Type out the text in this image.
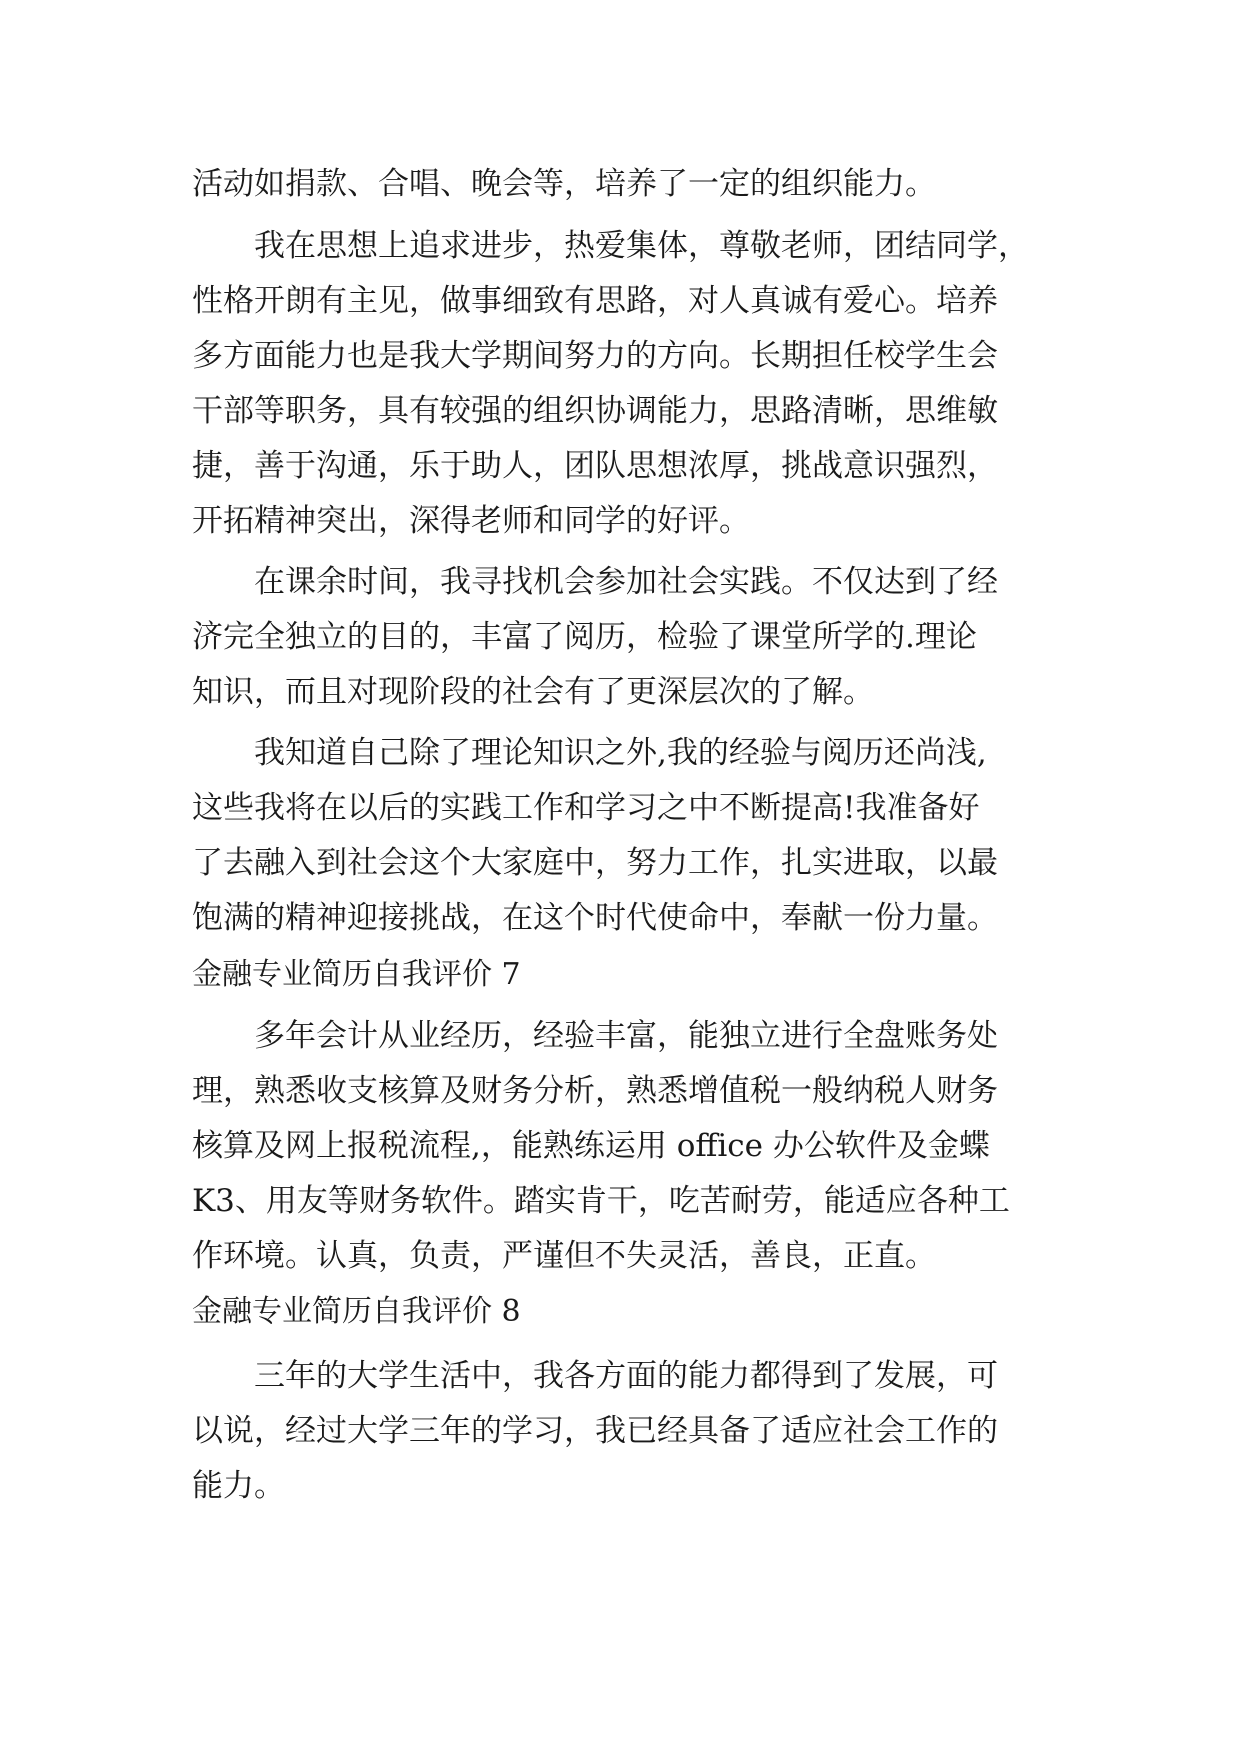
活动如捐款、合唱、晚会等，培养了一定的组织能力。
我在思想上追求进步，热爱集体，尊敬老师，团结同学，
性格开朗有主见，做事细致有思路，对人真诚有爱心。培养
多方面能力也是我大学期间努力的方向。长期担任校学生会
干部等职务，具有较强的组织协调能力，思路清晰，思维敏
捷，善于沟通，乐于助人，团队思想浓厚，挑战意识强烈，
开拓精神突出，深得老师和同学的好评。
在课余时间，我寻找机会参加社会实践。不仅达到了经
济完全独立的目的，丰富了阅历，检验了课堂所学的.理论
知识，而且对现阶段的社会有了更深层次的了解。
我知道自己除了理论知识之外,我的经验与阅历还尚浅,
这些我将在以后的实践工作和学习之中不断提高!我准备好
了去融入到社会这个大家庭中，努力工作，扎实进取，以最
饱满的精神迎接挑战，在这个时代使命中，奉献一份力量。
金融专业简历自我评价 7
多年会计从业经历，经验丰富，能独立进行全盘账务处
理，熟悉收支核算及财务分析，熟悉增值税一般纳税人财务
核算及网上报税流程,，能熟练运用 office 办公软件及金蝶
K3、用友等财务软件。踏实肯干，吃苦耐劳，能适应各种工
作环境。认真，负责，严谨但不失灵活，善良，正直。
金融专业简历自我评价 8
三年的大学生活中，我各方面的能力都得到了发展，可
以说，经过大学三年的学习，我已经具备了适应社会工作的
能力。
